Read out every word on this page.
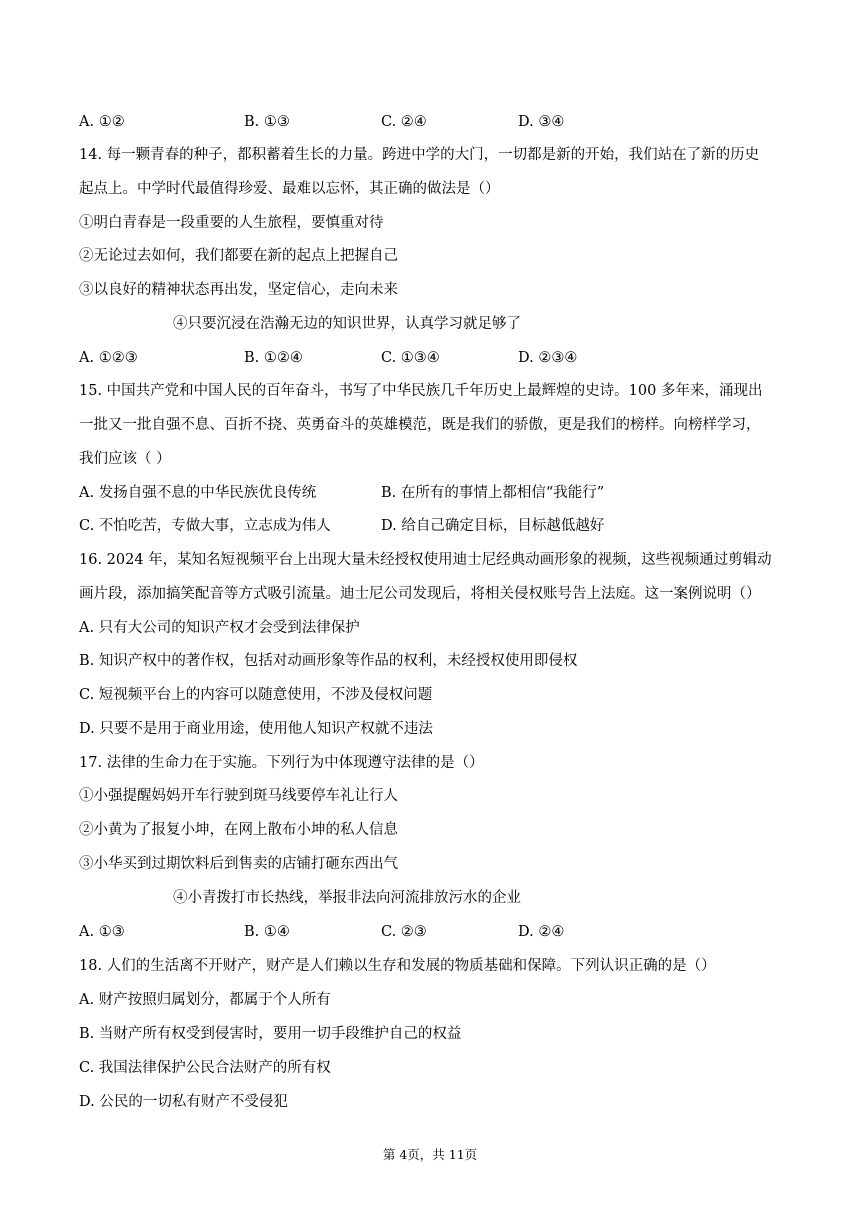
A. ①②	B. ①③	C. ②④	D. ③④
14. 每一颗青春的种子，都积蓄着生长的力量。跨进中学的大门，一切都是新的开始，我们站在了新的历史
起点上。中学时代最值得珍爱、最难以忘怀，其正确的做法是（）
①明白青春是一段重要的人生旅程，要慎重对待
②无论过去如何，我们都要在新的起点上把握自己
③以良好的精神状态再出发，坚定信心，走向未来
④只要沉浸在浩瀚无边的知识世界，认真学习就足够了
A. ①②③	B. ①②④	C. ①③④	D. ②③④
15. 中国共产党和中国人民的百年奋斗，书写了中华民族几千年历史上最辉煌的史诗。100 多年来，涌现出
一批又一批自强不息、百折不挠、英勇奋斗的英雄模范，既是我们的骄傲，更是我们的榜样。向榜样学习，
我们应该（ ）
A. 发扬自强不息的中华民族优良传统	B. 在所有的事情上都相信“我能行”
C. 不怕吃苦，专做大事，立志成为伟人	D. 给自己确定目标，目标越低越好
16. 2024 年，某知名短视频平台上出现大量未经授权使用迪士尼经典动画形象的视频，这些视频通过剪辑动
画片段，添加搞笑配音等方式吸引流量。迪士尼公司发现后，将相关侵权账号告上法庭。这一案例说明（）
A. 只有大公司的知识产权才会受到法律保护
B. 知识产权中的著作权，包括对动画形象等作品的权利，未经授权使用即侵权
C. 短视频平台上的内容可以随意使用，不涉及侵权问题
D. 只要不是用于商业用途，使用他人知识产权就不违法
17. 法律的生命力在于实施。下列行为中体现遵守法律的是（）
①小强提醒妈妈开车行驶到斑马线要停车礼让行人
②小黄为了报复小坤，在网上散布小坤的私人信息
③小华买到过期饮料后到售卖的店铺打砸东西出气
④小青拨打市长热线，举报非法向河流排放污水的企业
A. ①③	B. ①④	C. ②③	D. ②④
18. 人们的生活离不开财产，财产是人们赖以生存和发展的物质基础和保障。下列认识正确的是（）
A. 财产按照归属划分，都属于个人所有
B. 当财产所有权受到侵害时，要用一切手段维护自己的权益
C. 我国法律保护公民合法财产的所有权
D. 公民的一切私有财产不受侵犯
第 4页，共 11页
